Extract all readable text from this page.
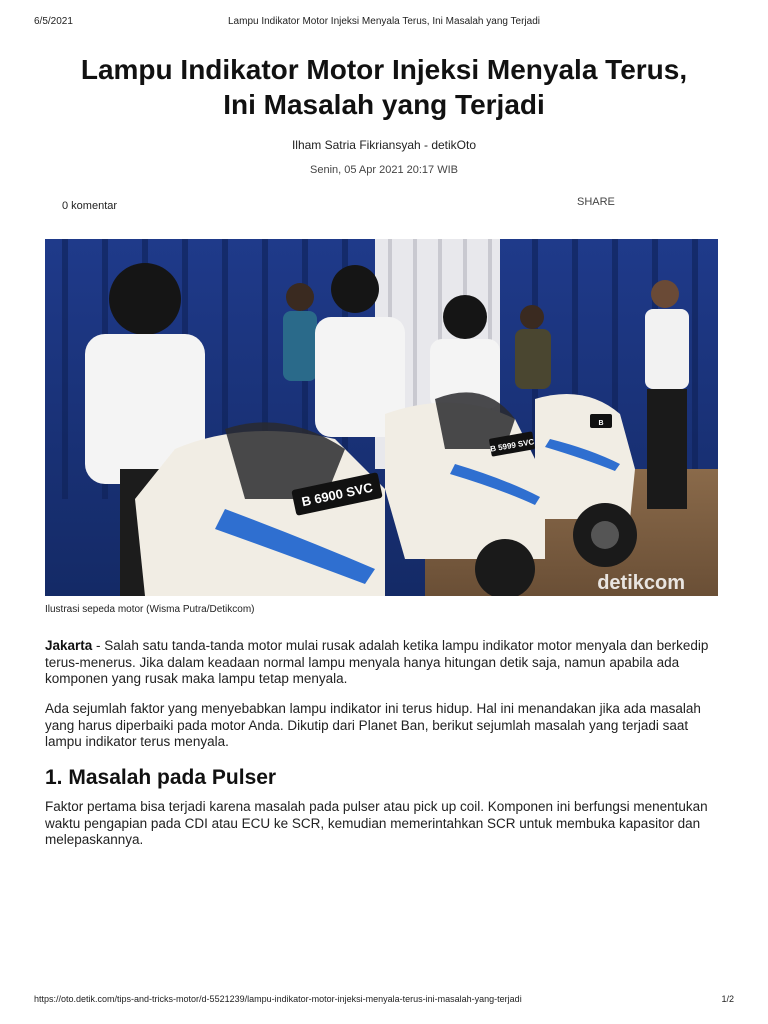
Lampu Indikator Motor Injeksi Menyala Terus, Ini Masalah yang Terjadi
6/5/2021
Lampu Indikator Motor Injeksi Menyala Terus,
Ini Masalah yang Terjadi
Ilham Satria Fikriansyah - detikOto
Senin, 05 Apr 2021 20:17 WIB
0 komentar	SHARE
B 6900 SVC
B 5999 SVC
B
detikcom
Ilustrasi sepeda motor (Wisma Putra/Detikcom)
Jakarta - Salah satu tanda-tanda motor mulai rusak adalah ketika lampu indikator motor menyala dan berkedip terus-menerus. Jika dalam keadaan normal lampu menyala hanya hitungan detik saja, namun apabila ada komponen yang rusak maka lampu tetap menyala.
Ada sejumlah faktor yang menyebabkan lampu indikator ini terus hidup. Hal ini menandakan jika ada masalah yang harus diperbaiki pada motor Anda. Dikutip dari Planet Ban, berikut sejumlah masalah yang terjadi saat lampu indikator terus menyala.
1. Masalah pada Pulser
Faktor pertama bisa terjadi karena masalah pada pulser atau pick up coil. Komponen ini berfungsi menentukan waktu pengapian pada CDI atau ECU ke SCR, kemudian memerintahkan SCR untuk membuka kapasitor dan melepaskannya.
https://oto.detik.com/tips-and-tricks-motor/d-5521239/lampu-indikator-motor-injeksi-menyala-terus-ini-masalah-yang-terjadi	1/2
